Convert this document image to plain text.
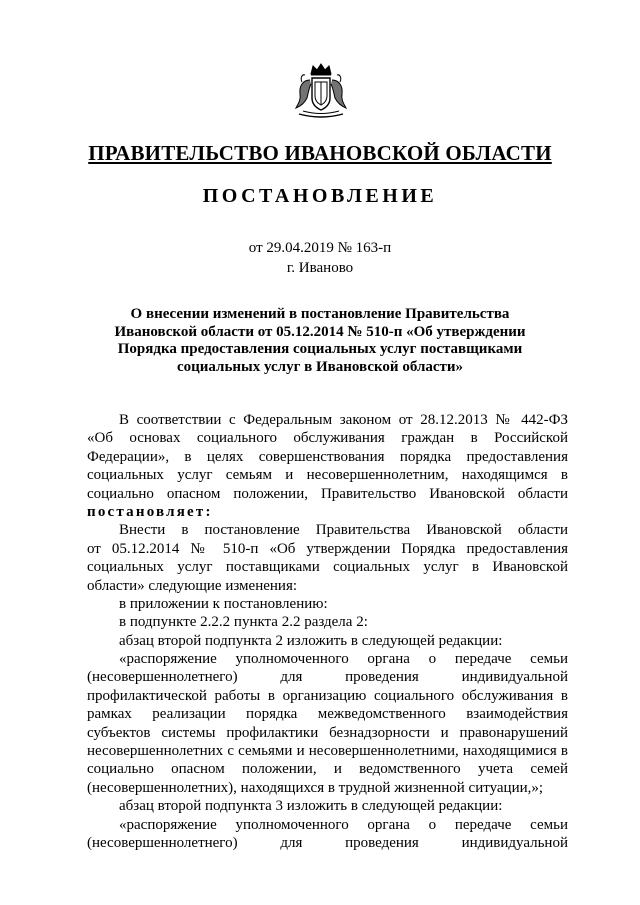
ПРАВИТЕЛЬСТВО ИВАНОВСКОЙ ОБЛАСТИ
ПОСТАНОВЛЕНИЕ
от 29.04.2019 № 163-п
г. Иваново
О внесении изменений в постановление Правительства
Ивановской области от 05.12.2014 № 510-п «Об утверждении
Порядка предоставления социальных услуг поставщиками
социальных услуг в Ивановской области»
В соответствии с Федеральным законом от 28.12.2013 № 442-ФЗ
«Об основах социального обслуживания граждан в Российской
Федерации», в целях совершенствования порядка предоставления
социальных услуг семьям и несовершеннолетним, находящимся в
социально опасном положении, Правительство Ивановской области
постановляет:
Внести в постановление Правительства Ивановской области
от 05.12.2014 № 510-п «Об утверждении Порядка предоставления
социальных услуг поставщиками социальных услуг в Ивановской
области» следующие изменения:
в приложении к постановлению:
в подпункте 2.2.2 пункта 2.2 раздела 2:
абзац второй подпункта 2 изложить в следующей редакции:
«распоряжение уполномоченного органа о передаче семьи
(несовершеннолетнего) для проведения индивидуальной
профилактической работы в организацию социального обслуживания в
рамках реализации порядка межведомственного взаимодействия
субъектов системы профилактики безнадзорности и правонарушений
несовершеннолетних с семьями и несовершеннолетними, находящимися в
социально опасном положении, и ведомственного учета семей
(несовершеннолетних), находящихся в трудной жизненной ситуации,»;
абзац второй подпункта 3 изложить в следующей редакции:
«распоряжение уполномоченного органа о передаче семьи
(несовершеннолетнего) для проведения индивидуальной
